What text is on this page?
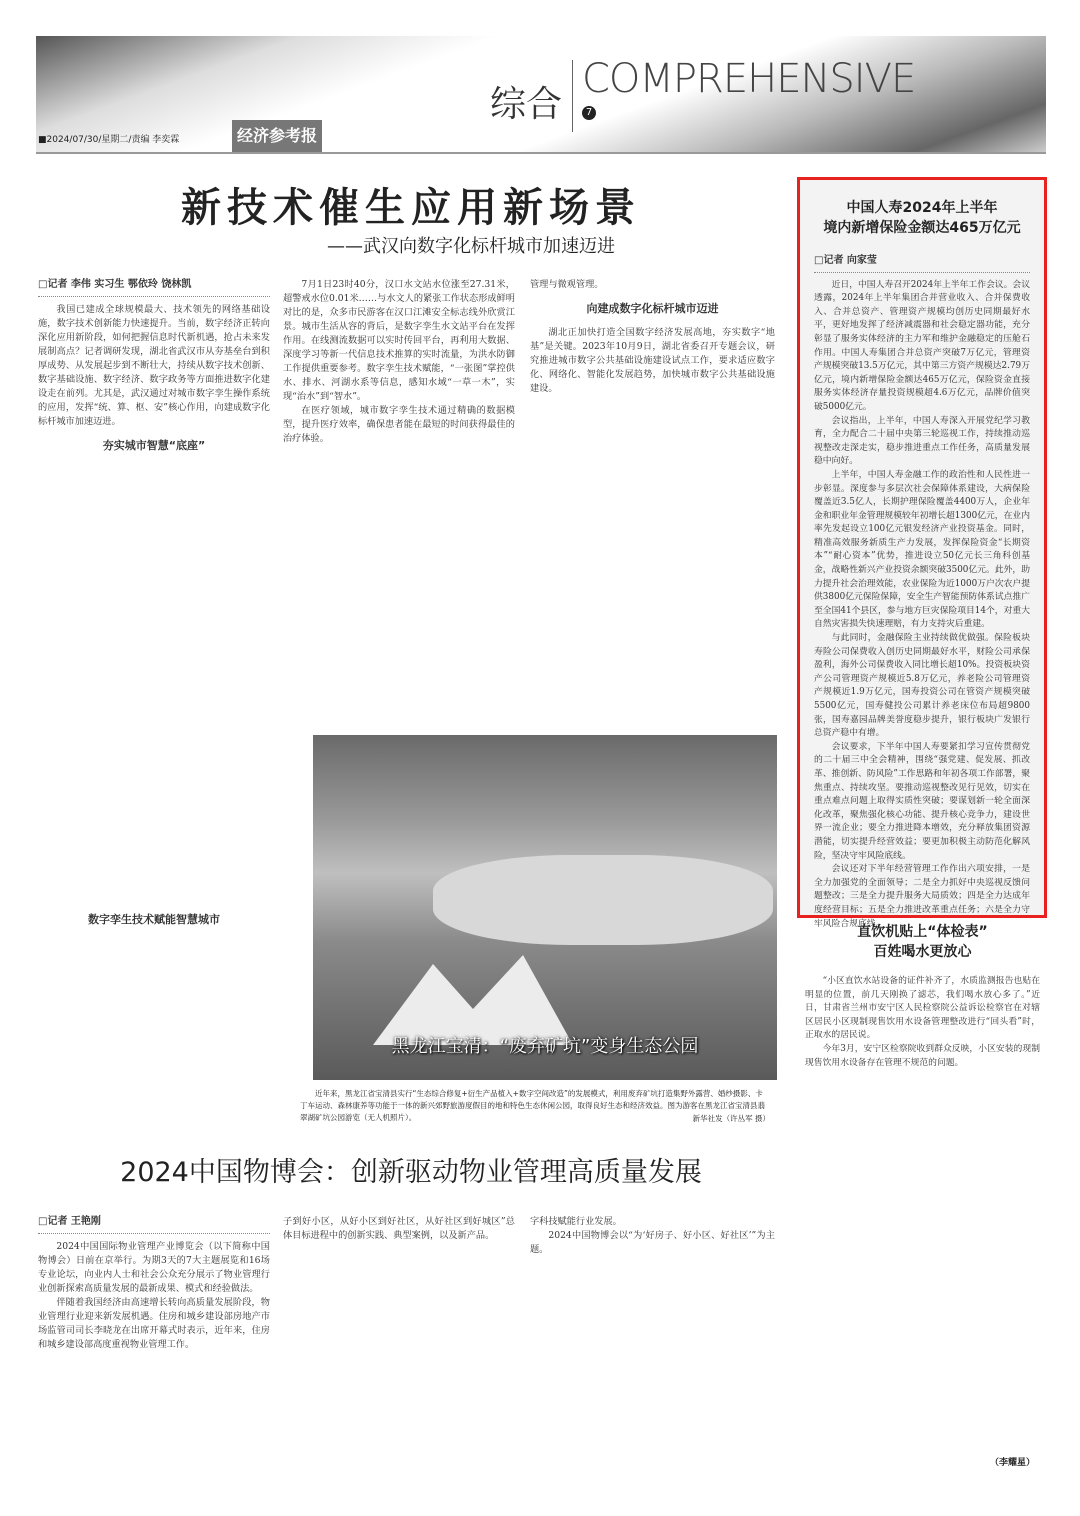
综合
COMPREHENSIVE
7
■2024/07/30/星期二/责编 李奕霖	经济参考报
新技术催生应用新场景
——武汉向数字化标杆城市加速迈进
□记者 李伟 实习生 鄂依玲 饶林凯

我国已建成全球规模最大、技术领先的网络基础设施，数字技术创新能力快速提升。当前，数字经济正转向深化应用新阶段，如何把握信息时代新机遇，抢占未来发展制高点？记者调研发现，湖北省武汉市从夯基垒台到积厚成势、从发展起步到不断壮大，持续从数字技术创新、数字基础设施、数字经济、数字政务等方面推进数字化建设走在前列。尤其是，武汉通过对城市数字孪生操作系统的应用，发挥“统、算、枢、安”核心作用，向建成数字化标杆城市加速迈进。

夯实城市智慧“底座”
数字孪生技术赋能智慧城市

7月1日23时40分，汉口水文站水位涨至27.31米，超警戒水位0.01米……与水文人的紧张工作状态形成鲜明对比的是，众多市民游客在汉口江滩安全标志线外欣赏江景。城市生活从容的背后，是数字孪生水文站平台在发挥作用。在线测流数据可以实时传回平台，再利用大数据、深度学习等新一代信息技术推算的实时流量，为洪水防御工作提供重要参考。数字孪生技术赋能，“一张图”掌控供水、排水、河湖水系等信息，感知水域“一草一木”，实现“治水”到“智水”。

在医疗领域，城市数字孪生技术通过精确的数据模型，提升医疗效率，确保患者能在最短的时间获得最佳的治疗体验。

管理与微观管理。
向建成数字化标杆城市迈进

湖北正加快打造全国数字经济发展高地，夯实数字“地基”是关键。2023年10月9日，湖北省委召开专题会议，研究推进城市数字公共基础设施建设试点工作，要求适应数字化、网络化、智能化发展趋势，加快城市数字公共基础设施建设。

黑龙江宝清：“废弃矿坑”变身生态公园
近年来，黑龙江省宝清县实行“生态综合修复+衍生产品植入+数字空间改造”的发展模式，利用废弃矿坑打造集野外露营、婚纱摄影、卡丁车运动、森林康养等功能于一体的新兴郊野旅游度假目的地和特色生态休闲公园，取得良好生态和经济效益。图为游客在黑龙江省宝清县翡翠湖矿坑公园游览（无人机照片）。	新华社发（许丛军 摄）
中国人寿2024年上半年
境内新增保险金额达465万亿元
□记者 向家莹

近日，中国人寿召开2024年上半年工作会议。会议透露，2024年上半年集团合并营业收入、合并保费收入、合并总资产、管理资产规模均创历史同期最好水平，更好地发挥了经济减震器和社会稳定器功能，充分彰显了服务实体经济的主力军和维护金融稳定的压舱石作用。中国人寿集团合并总资产突破7万亿元，管理资产规模突破13.5万亿元，其中第三方资产规模达2.79万亿元，境内新增保险金额达465万亿元，保险资金直接服务实体经济存量投资规模超4.6万亿元，品牌价值突破5000亿元。

会议指出，上半年，中国人寿深入开展党纪学习教育，全力配合二十届中央第三轮巡视工作，持续推动巡视整改走深走实，稳步推进重点工作任务，高质量发展稳中向好。

上半年，中国人寿金融工作的政治性和人民性进一步彰显。深度参与多层次社会保障体系建设，大病保险覆盖近3.5亿人，长期护理保险覆盖4400万人，企业年金和职业年金管理规模较年初增长超1300亿元，在业内率先发起设立100亿元银发经济产业投资基金。同时，精准高效服务新质生产力发展，发挥保险资金“长期资本”“耐心资本”优势，推进设立50亿元长三角科创基金，战略性新兴产业投资余额突破3500亿元。此外，助力提升社会治理效能，农业保险为近1000万户次农户提供3800亿元保险保障，安全生产智能预防体系试点推广至全国41个县区，参与地方巨灾保险项目14个，对重大自然灾害损失快速理赔，有力支持灾后重建。

与此同时，金融保险主业持续做优做强。保险板块寿险公司保费收入创历史同期最好水平，财险公司承保盈利，海外公司保费收入同比增长超10%。投资板块资产公司管理资产规模近5.8万亿元，养老险公司管理资产规模近1.9万亿元，国寿投资公司在管资产规模突破5500亿元，国寿健投公司累计养老床位布局超9800张，国寿嘉园品牌美誉度稳步提升，银行板块广发银行总资产稳中有增。

会议要求，下半年中国人寿要紧扣学习宣传贯彻党的二十届三中全会精神，围绕“强党建、促发展、抓改革、推创新、防风险”工作思路和年初各项工作部署，聚焦重点、持续攻坚。要推动巡视整改见行见效，切实在重点难点问题上取得实质性突破；要谋划新一轮全面深化改革，聚焦强化核心功能、提升核心竞争力，建设世界一流企业；要全力推进降本增效，充分释放集团资源潜能，切实提升经营效益；要更加积极主动防范化解风险，坚决守牢风险底线。

会议还对下半年经营管理工作作出六项安排，一是全力加强党的全面领导；二是全力抓好中央巡视反馈问题整改；三是全力提升服务大局质效；四是全力达成年度经营目标；五是全力推进改革重点任务；六是全力守牢风险合规底线。

直饮机贴上“体检表”
百姓喝水更放心

“小区直饮水站设备的证件补齐了，水质监测报告也贴在明显的位置，前几天刚换了滤芯，我们喝水放心多了。”近日，甘肃省兰州市安宁区人民检察院公益诉讼检察官在对辖区居民小区现制现售饮用水设备管理整改进行“回头看”时，正取水的居民说。

今年3月，安宁区检察院收到群众反映，小区安装的现制现售饮用水设备存在管理不规范的问题。

（李耀星）
2024中国物博会：创新驱动物业管理高质量发展
□记者 王艳刚

2024中国国际物业管理产业博览会（以下简称中国物博会）日前在京举行。为期3天的7大主题展览和16场专业论坛，向业内人士和社会公众充分展示了物业管理行业创新探索高质量发展的最新成果、模式和经验做法。

伴随着我国经济由高速增长转向高质量发展阶段，物业管理行业迎来新发展机遇。住房和城乡建设部房地产市场监管司司长李晓龙在出席开幕式时表示，近年来，住房和城乡建设部高度重视物业管理工作。

子到好小区，从好小区到好社区，从好社区到好城区”总体目标进程中的创新实践、典型案例，以及新产品。
字科技赋能行业发展。

2024中国物博会以“为‘好房子、好小区、好社区’”为主题。
